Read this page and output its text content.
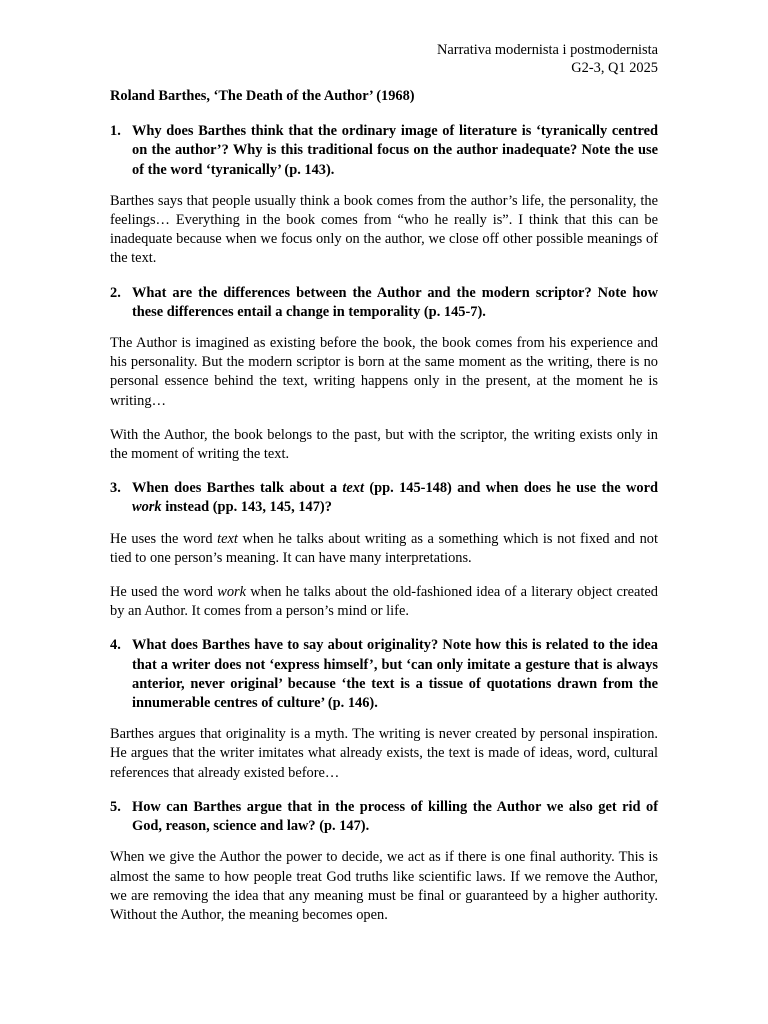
Narrativa modernista i postmodernista
G2-3, Q1 2025
Roland Barthes, ‘The Death of the Author’ (1968)
1. Why does Barthes think that the ordinary image of literature is ‘tyranically centred on the author’? Why is this traditional focus on the author inadequate? Note the use of the word ‘tyranically’ (p. 143).

Barthes says that people usually think a book comes from the author’s life, the personality, the feelings… Everything in the book comes from “who he really is”. I think that this can be inadequate because when we focus only on the author, we close off other possible meanings of the text.

2. What are the differences between the Author and the modern scriptor? Note how these differences entail a change in temporality (p. 145-7).

The Author is imagined as existing before the book, the book comes from his experience and his personality. But the modern scriptor is born at the same moment as the writing, there is no personal essence behind the text, writing happens only in the present, at the moment he is writing…

With the Author, the book belongs to the past, but with the scriptor, the writing exists only in the moment of writing the text.

3. When does Barthes talk about a text (pp. 145-148) and when does he use the word work instead (pp. 143, 145, 147)?

He uses the word text when he talks about writing as a something which is not fixed and not tied to one person’s meaning. It can have many interpretations.

He used the word work when he talks about the old-fashioned idea of a literary object created by an Author. It comes from a person’s mind or life.

4. What does Barthes have to say about originality? Note how this is related to the idea that a writer does not ‘express himself’, but ‘can only imitate a gesture that is always anterior, never original’ because ‘the text is a tissue of quotations drawn from the innumerable centres of culture’ (p. 146).

Barthes argues that originality is a myth. The writing is never created by personal inspiration. He argues that the writer imitates what already exists, the text is made of ideas, word, cultural references that already existed before…

5. How can Barthes argue that in the process of killing the Author we also get rid of God, reason, science and law? (p. 147).

When we give the Author the power to decide, we act as if there is one final authority. This is almost the same to how people treat God truths like scientific laws. If we remove the Author, we are removing the idea that any meaning must be final or guaranteed by a higher authority. Without the Author, the meaning becomes open.
